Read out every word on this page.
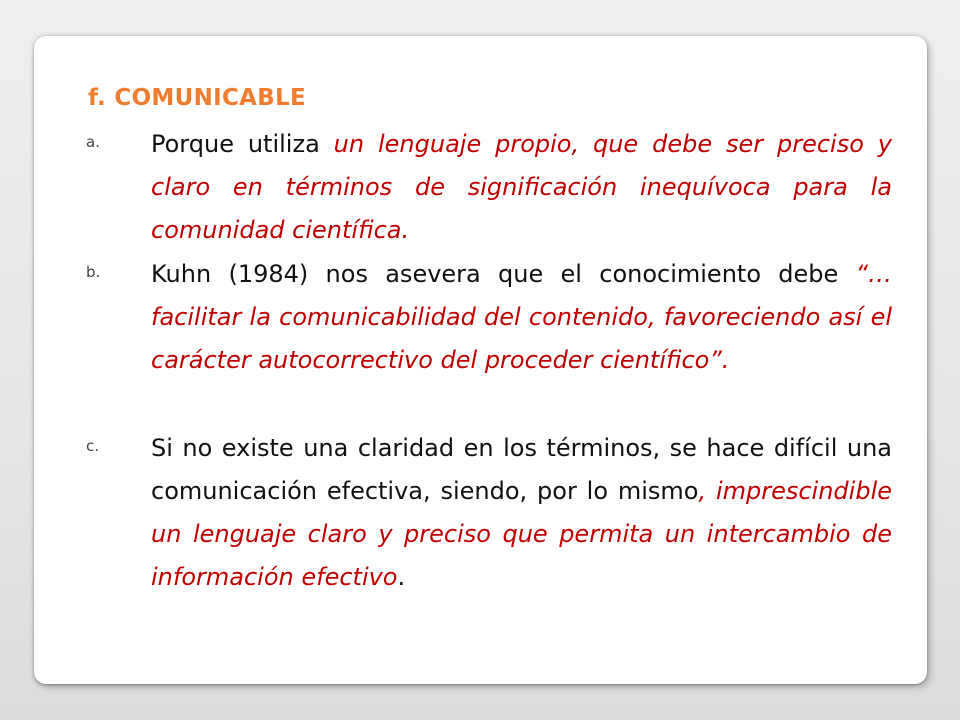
f. COMUNICABLE
a. Porque utiliza un lenguaje propio, que debe ser preciso y claro en términos de significación inequívoca para la comunidad científica.
b. Kuhn (1984) nos asevera que el conocimiento debe “…facilitar la comunicabilidad del contenido, favoreciendo así el carácter autocorrectivo del proceder científico”.
c. Si no existe una claridad en los términos, se hace difícil una comunicación efectiva, siendo, por lo mismo, imprescindible un lenguaje claro y preciso que permita un intercambio de información efectivo.
